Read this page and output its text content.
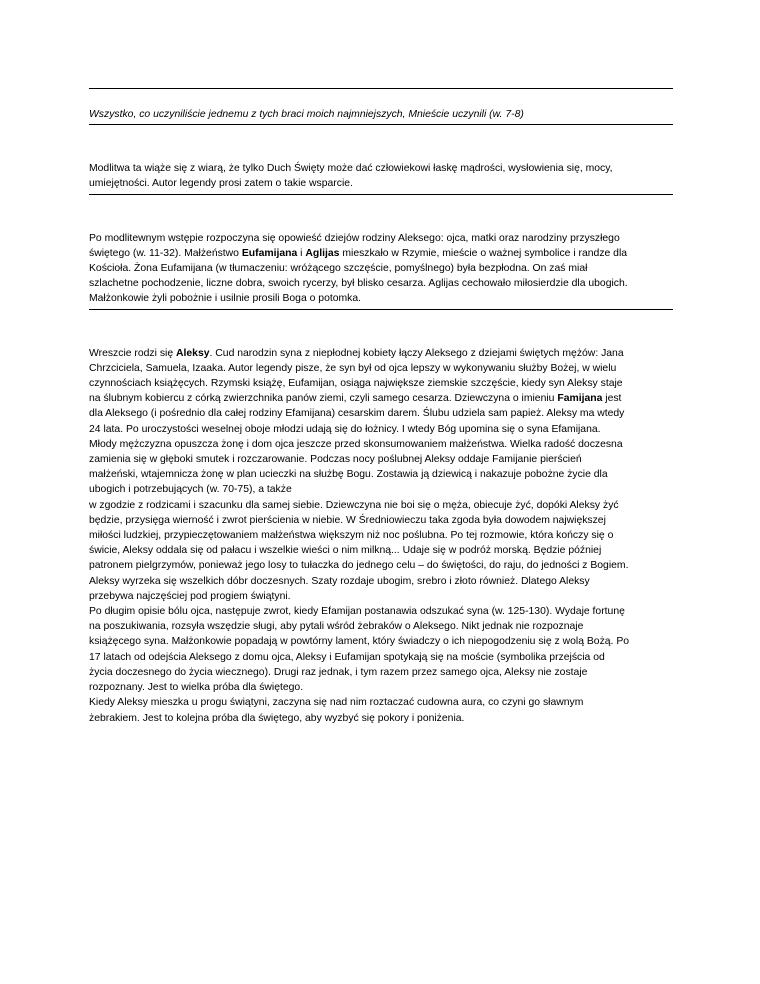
Wszystko, co uczyniliście jednemu z tych braci moich najmniejszych, Mnieście uczynili (w. 7-8)

Modlitwa ta wiąże się z wiarą, że tylko Duch Święty może dać człowiekowi łaskę mądrości, wysłowienia się, mocy,
umiejętności. Autor legendy prosi zatem o takie wsparcie.

Po modlitewnym wstępie rozpoczyna się opowieść dziejów rodziny Aleksego: ojca, matki oraz narodziny przyszłego
świętego (w. 11-32). Małżeństwo Eufamijana i Aglijas mieszkało w Rzymie, mieście o ważnej symbolice i randze dla
Kościoła. Żona Eufamijana (w tłumaczeniu: wróżącego szczęście, pomyślnego) była bezpłodna. On zaś miał
szlachetne pochodzenie, liczne dobra, swoich rycerzy, był blisko cesarza. Aglijas cechowało miłosierdzie dla ubogich.
Małżonkowie żyli pobożnie i usilnie prosili Boga o potomka.

Wreszcie rodzi się Aleksy. Cud narodzin syna z niepłodnej kobiety łączy Aleksego z dziejami świętych mężów: Jana
Chrzciciela, Samuela, Izaaka. Autor legendy pisze, że syn był od ojca lepszy w wykonywaniu służby Bożej, w wielu
czynnościach książęcych. Rzymski książę, Eufamijan, osiąga największe ziemskie szczęście, kiedy syn Aleksy staje
na ślubnym kobiercu z córką zwierzchnika panów ziemi, czyli samego cesarza. Dziewczyna o imieniu Famijana jest
dla Aleksego (i pośrednio dla całej rodziny Efamijana) cesarskim darem. Ślubu udziela sam papież. Aleksy ma wtedy
24 lata. Po uroczystości weselnej oboje młodzi udają się do łożnicy. I wtedy Bóg upomina się o syna Efamijana.
Młody mężczyzna opuszcza żonę i dom ojca jeszcze przed skonsumowaniem małżeństwa. Wielka radość doczesna
zamienia się w głęboki smutek i rozczarowanie. Podczas nocy poślubnej Aleksy oddaje Famijanie pierścień
małżeński, wtajemnicza żonę w plan ucieczki na służbę Bogu. Zostawia ją dziewicą i nakazuje pobożne życie dla
ubogich i potrzebujących (w. 70-75), a także
w zgodzie z rodzicami i szacunku dla samej siebie. Dziewczyna nie boi się o męża, obiecuje żyć, dopóki Aleksy żyć
będzie, przysięga wierność i zwrot pierścienia w niebie. W Średniowieczu taka zgoda była dowodem największej
miłości ludzkiej, przypieczętowaniem małżeństwa większym niż noc poślubna. Po tej rozmowie, która kończy się o
świcie, Aleksy oddala się od pałacu i wszelkie wieści o nim milkną... Udaje się w podróż morską. Będzie później
patronem pielgrzymów, ponieważ jego losy to tułaczka do jednego celu – do świętości, do raju, do jedności z Bogiem.
Aleksy wyrzeka się wszelkich dóbr doczesnych. Szaty rozdaje ubogim, srebro i złoto również. Dlatego Aleksy
przebywa najczęściej pod progiem świątyni.
Po długim opisie bólu ojca, następuje zwrot, kiedy Efamijan postanawia odszukać syna (w. 125-130). Wydaje fortunę
na poszukiwania, rozsyła wszędzie sługi, aby pytali wśród żebraków o Aleksego. Nikt jednak nie rozpoznaje
książęcego syna. Małżonkowie popadają w powtórny lament, który świadczy o ich niepogodzeniu się z wolą Bożą. Po
17 latach od odejścia Aleksego z domu ojca, Aleksy i Eufamijan spotykają się na moście (symbolika przejścia od
życia doczesnego do życia wiecznego). Drugi raz jednak, i tym razem przez samego ojca, Aleksy nie zostaje
rozpoznany. Jest to wielka próba dla świętego.
Kiedy Aleksy mieszka u progu świątyni, zaczyna się nad nim roztaczać cudowna aura, co czyni go sławnym
żebrakiem. Jest to kolejna próba dla świętego, aby wyzbyć się pokory i poniżenia.
